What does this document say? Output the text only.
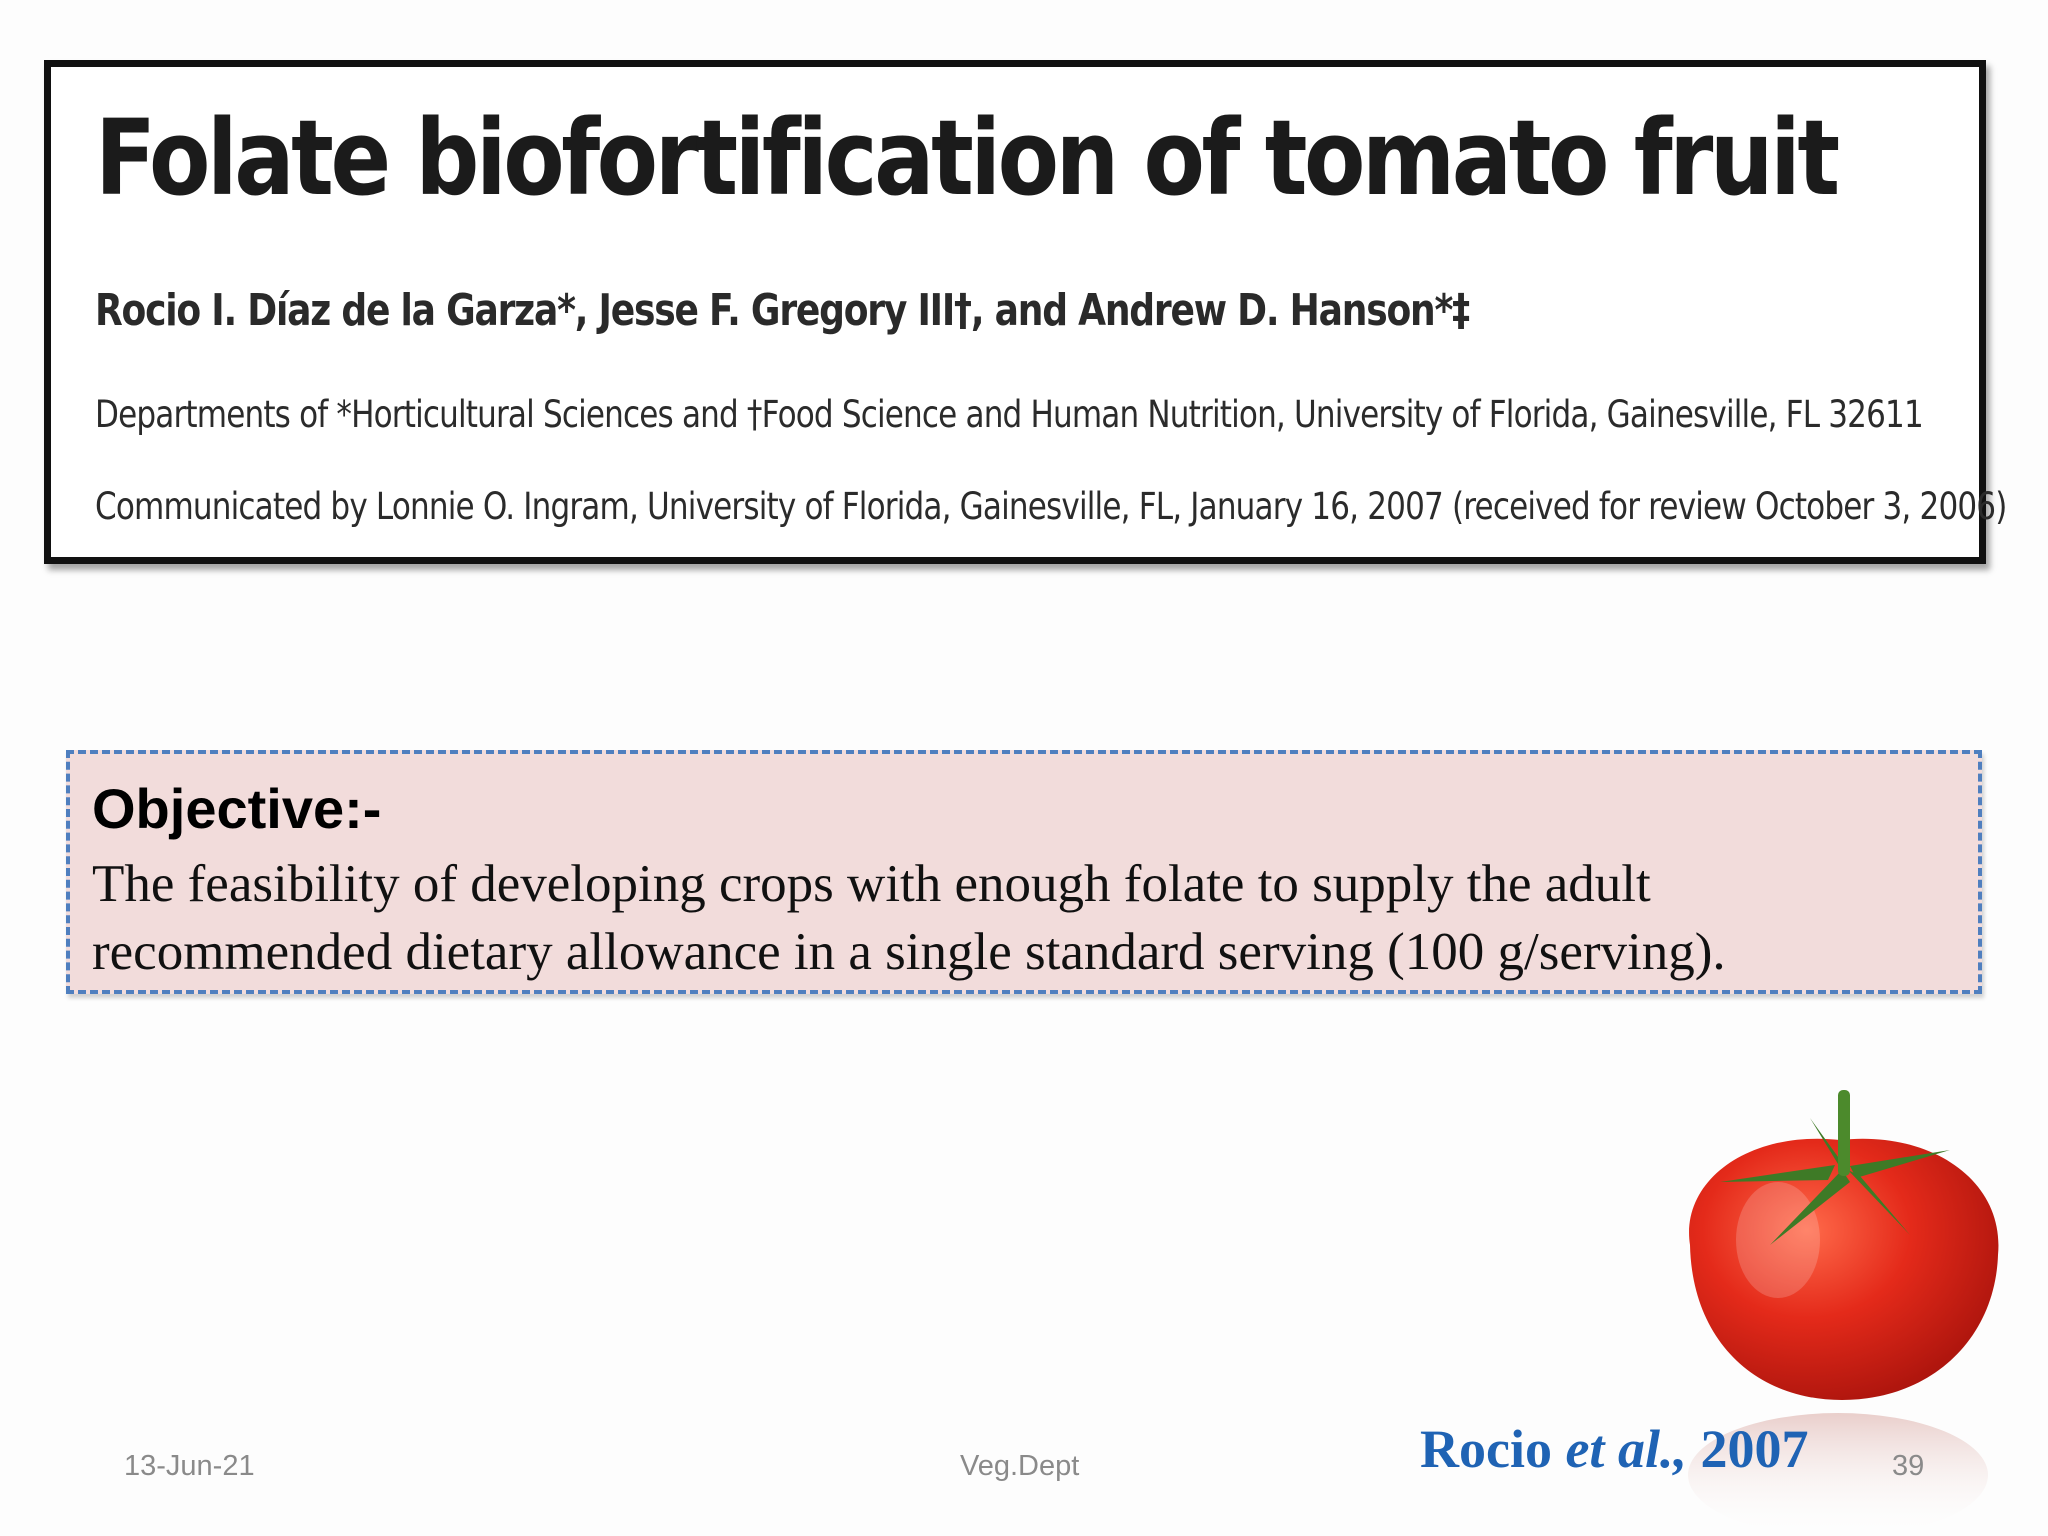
Folate biofortification of tomato fruit

Rocio I. Díaz de la Garza*, Jesse F. Gregory III†, and Andrew D. Hanson*‡

Departments of *Horticultural Sciences and †Food Science and Human Nutrition, University of Florida, Gainesville, FL 32611

Communicated by Lonnie O. Ingram, University of Florida, Gainesville, FL, January 16, 2007 (received for review October 3, 2006)

Objective:-

The feasibility of developing crops with enough folate to supply the adult recommended dietary allowance in a single standard serving (100 g/serving).

Rocio et al., 2007

13-Jun-21	Veg.Dept	39
